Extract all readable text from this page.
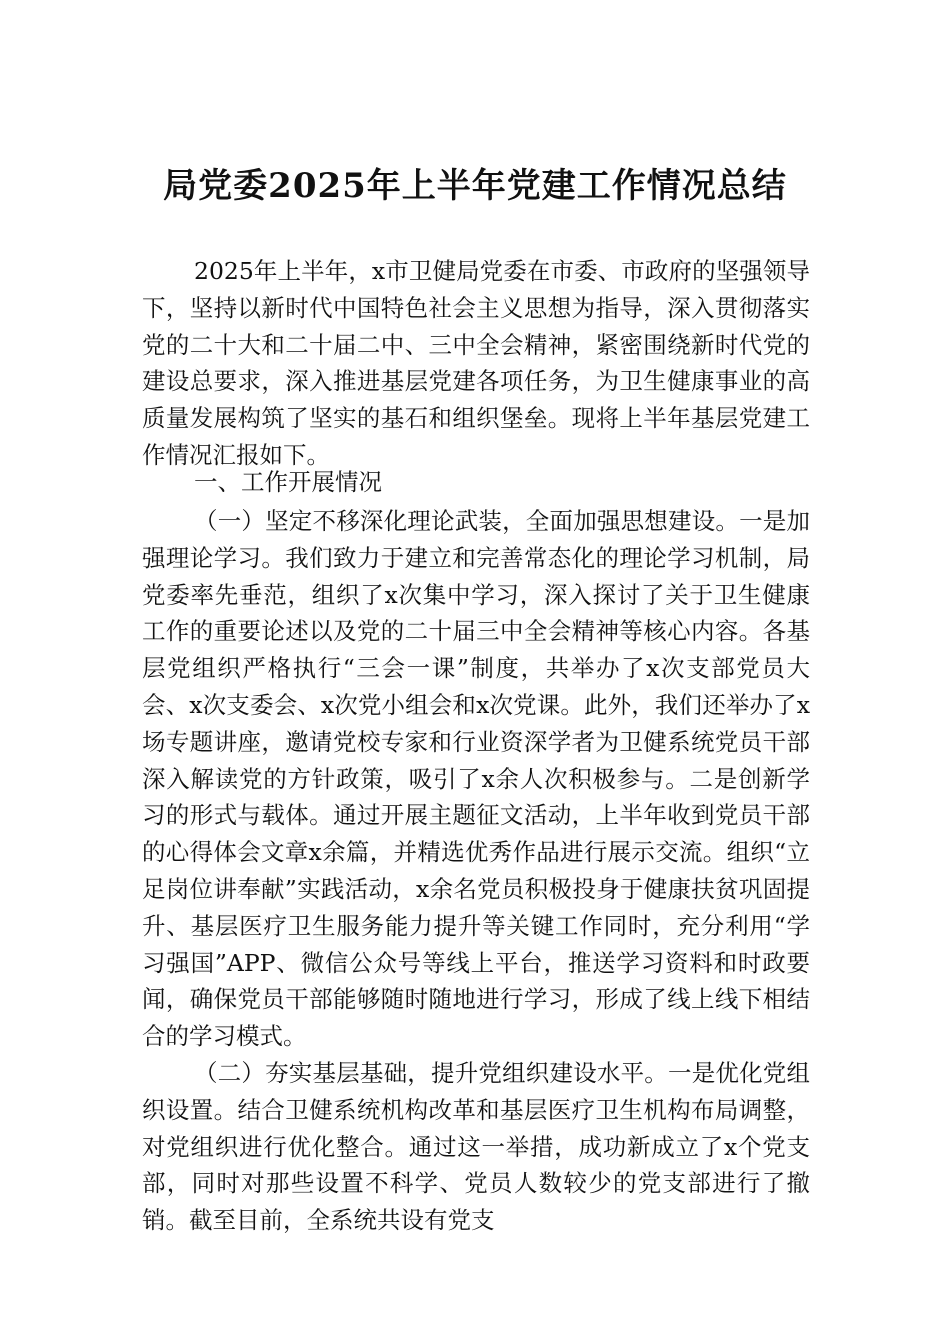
局党委2025年上半年党建工作情况总结

2025年上半年，x市卫健局党委在市委、市政府的坚强领导下，坚持以新时代中国特色社会主义思想为指导，深入贯彻落实党的二十大和二十届二中、三中全会精神，紧密围绕新时代党的建设总要求，深入推进基层党建各项任务，为卫生健康事业的高质量发展构筑了坚实的基石和组织堡垒。现将上半年基层党建工作情况汇报如下。

一、工作开展情况

（一）坚定不移深化理论武装，全面加强思想建设。一是加强理论学习。我们致力于建立和完善常态化的理论学习机制，局党委率先垂范，组织了x次集中学习，深入探讨了关于卫生健康工作的重要论述以及党的二十届三中全会精神等核心内容。各基层党组织严格执行“三会一课”制度，共举办了x次支部党员大会、x次支委会、x次党小组会和x次党课。此外，我们还举办了x场专题讲座，邀请党校专家和行业资深学者为卫健系统党员干部深入解读党的方针政策，吸引了x余人次积极参与。二是创新学习的形式与载体。通过开展主题征文活动，上半年收到党员干部的心得体会文章x余篇，并精选优秀作品进行展示交流。组织“立足岗位讲奉献”实践活动，x余名党员积极投身于健康扶贫巩固提升、基层医疗卫生服务能力提升等关键工作同时，充分利用“学习强国”APP、微信公众号等线上平台，推送学习资料和时政要闻，确保党员干部能够随时随地进行学习，形成了线上线下相结合的学习模式。

（二）夯实基层基础，提升党组织建设水平。一是优化党组织设置。结合卫健系统机构改革和基层医疗卫生机构布局调整，对党组织进行优化整合。通过这一举措，成功新成立了x个党支部，同时对那些设置不科学、党员人数较少的党支部进行了撤销。截至目前，全系统共设有党支
